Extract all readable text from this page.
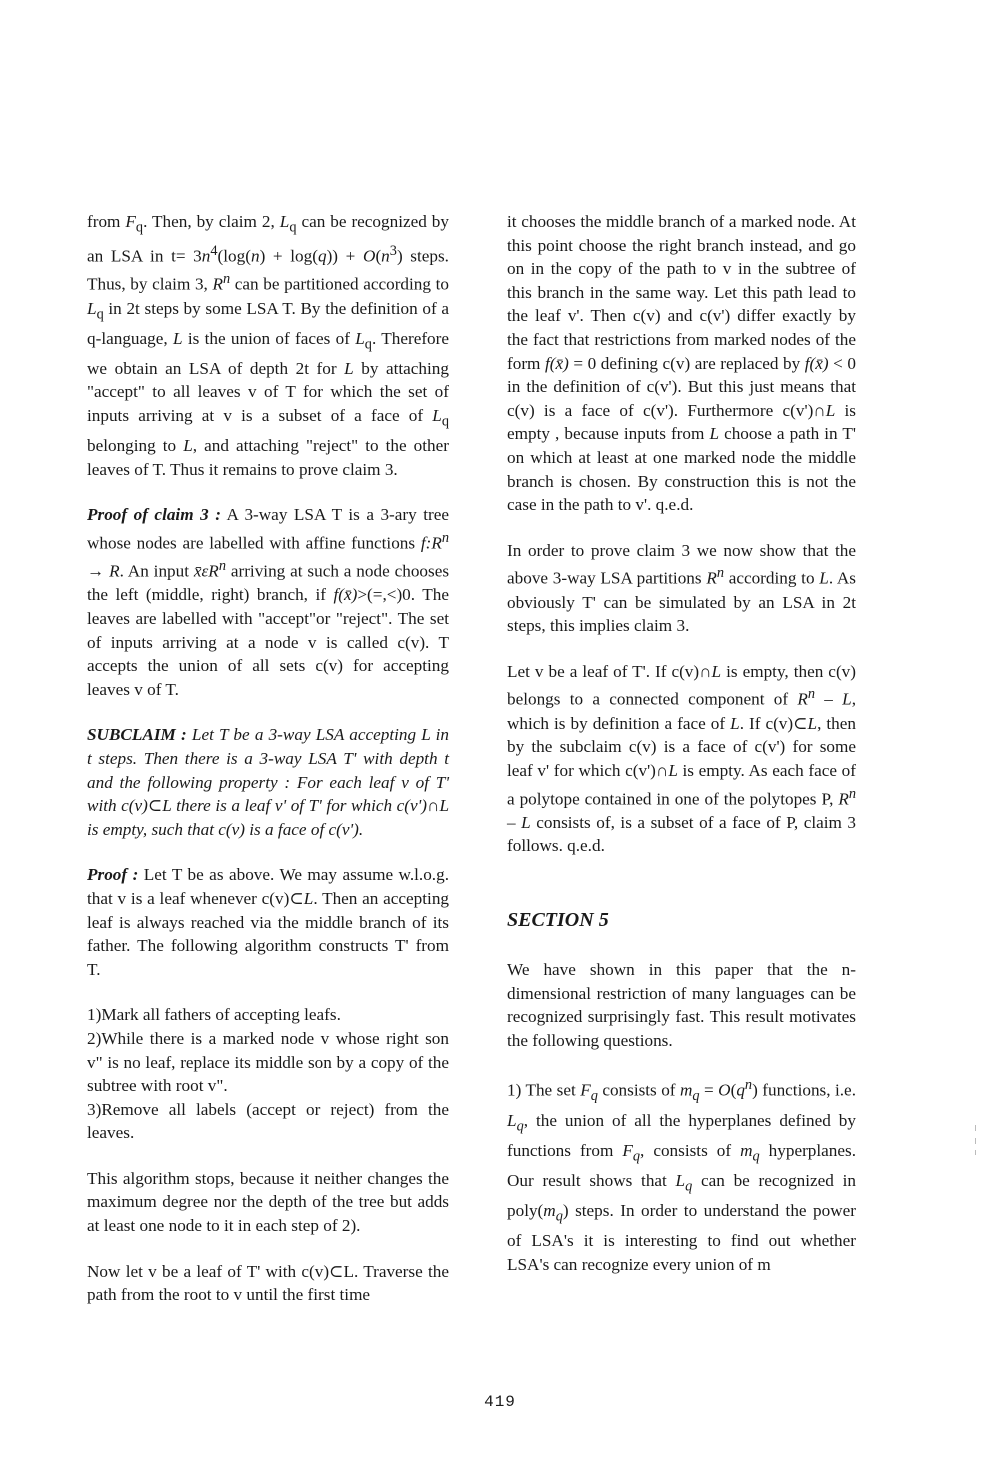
from $F_q$. Then, by claim 2, $L_q$ can be recognized by an LSA in $t= 3n^4(\log(n) + \log(q)) + O(n^3)$ steps. Thus, by claim 3, $R^n$ can be partitioned according to $L_q$ in 2t steps by some LSA T. By the definition of a q-language, L is the union of faces of $L_q$. Therefore we obtain an LSA of depth 2t for L by attaching "accept" to all leaves v of T for which the set of inputs arriving at v is a subset of a face of $L_q$ belonging to L, and attaching "reject" to the other leaves of T. Thus it remains to prove claim 3.

Proof of claim 3 : A 3-way LSA T is a 3-ary tree whose nodes are labelled with affine functions $f:R^n \to R$. An input $x̄\varepsilon R^n$ arriving at such a node chooses the left (middle, right) branch, if f(x̄)>(=,<)0. The leaves are labelled with "accept"or "reject". The set of inputs arriving at a node v is called c(v). T accepts the union of all sets c(v) for accepting leaves v of T.

SUBCLAIM : Let T be a 3-way LSA accepting L in t steps. Then there is a 3-way LSA T' with depth t and the following property : For each leaf v of T' with c(v)⊂L there is a leaf v' of T' for which c(v')∩L is empty, such that c(v) is a face of c(v').

Proof : Let T be as above. We may assume w.l.o.g. that v is a leaf whenever c(v)⊂L. Then an accepting leaf is always reached via the middle branch of its father. The following algorithm constructs T' from T.

1)Mark all fathers of accepting leafs.
2)While there is a marked node v whose right son v" is no leaf, replace its middle son by a copy of the subtree with root v".
3)Remove all labels (accept or reject) from the leaves.

This algorithm stops, because it neither changes the maximum degree nor the depth of the tree but adds at least one node to it in each step of 2).

Now let v be a leaf of T' with c(v)⊂L. Traverse the path from the root to v until the first time

it chooses the middle branch of a marked node. At this point choose the right branch instead, and go on in the copy of the path to v in the subtree of this branch in the same way. Let this path lead to the leaf v'. Then c(v) and c(v') differ exactly by the fact that restrictions from marked nodes of the form f(x̄) = 0 defining c(v) are replaced by f(x̄) < 0 in the definition of c(v'). But this just means that c(v) is a face of c(v'). Furthermore c(v')∩L is empty , because inputs from L choose a path in T' on which at least at one marked node the middle branch is chosen. By construction this is not the case in the path to v'. q.e.d.

In order to prove claim 3 we now show that the above 3-way LSA partitions $R^n$ according to L. As obviously T' can be simulated by an LSA in 2t steps, this implies claim 3.

Let v be a leaf of T'. If c(v)∩L is empty, then c(v) belongs to a connected component of $R^n$ – L, which is by definition a face of L. If c(v)⊂L, then by the subclaim c(v) is a face of c(v') for some leaf v' for which c(v')∩L is empty. As each face of a polytope contained in one of the polytopes P, $R^n$ – L consists of, is a subset of a face of P, claim 3 follows. q.e.d.

SECTION 5

We have shown in this paper that the n-dimensional restriction of many languages can be recognized surprisingly fast. This result motivates the following questions.

1) The set $F_q$ consists of $m_q = O(q^n)$ functions, i.e. $L_q$, the union of all the hyperplanes defined by functions from $F_q$, consists of $m_q$ hyperplanes. Our result shows that $L_q$ can be recognized in $poly(m_q)$ steps. In order to understand the power of LSA's it is interesting to find out whether LSA's can recognize every union of m

419
